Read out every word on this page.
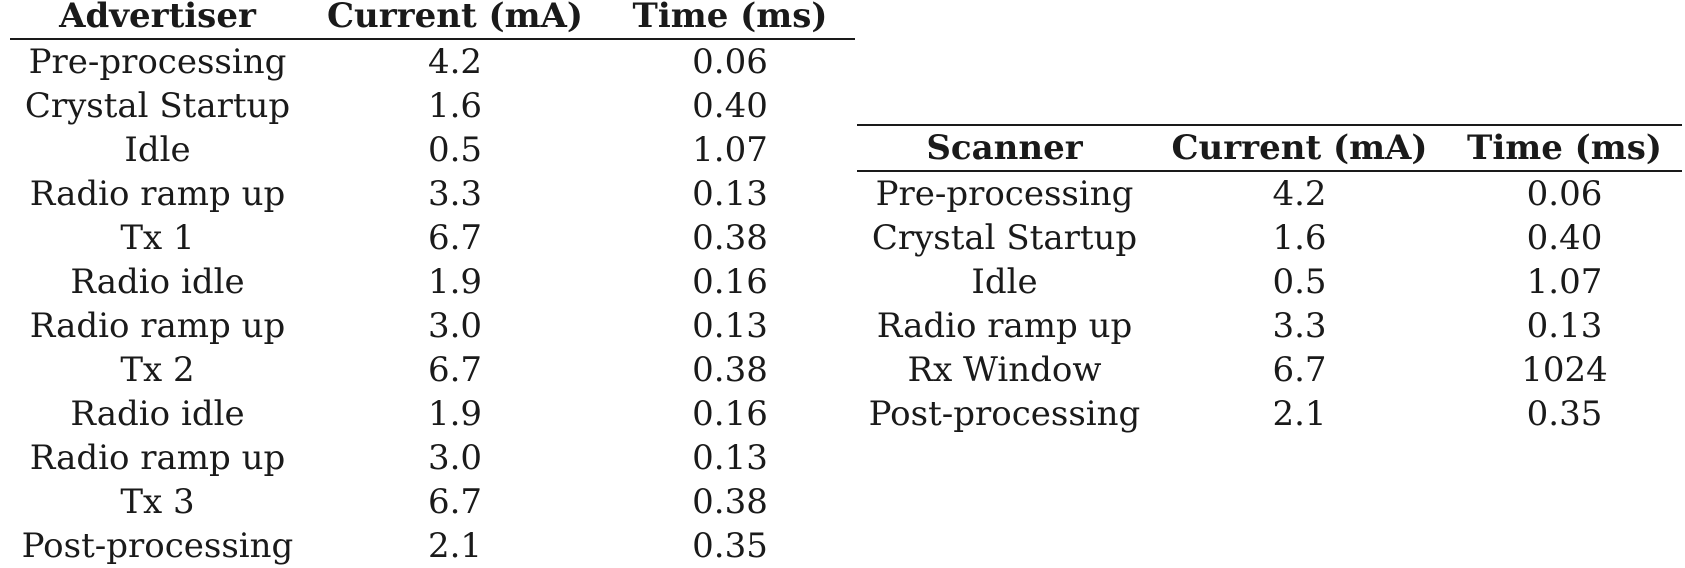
Advertiser	Current (mA)	Time (ms)
Pre-processing	4.2	0.06
Crystal Startup	1.6	0.40
Idle	0.5	1.07
Radio ramp up	3.3	0.13
Tx 1	6.7	0.38
Radio idle	1.9	0.16
Radio ramp up	3.0	0.13
Tx 2	6.7	0.38
Radio idle	1.9	0.16
Radio ramp up	3.0	0.13
Tx 3	6.7	0.38
Post-processing	2.1	0.35
Scanner	Current (mA)	Time (ms)
Pre-processing	4.2	0.06
Crystal Startup	1.6	0.40
Idle	0.5	1.07
Radio ramp up	3.3	0.13
Rx Window	6.7	1024
Post-processing	2.1	0.35
